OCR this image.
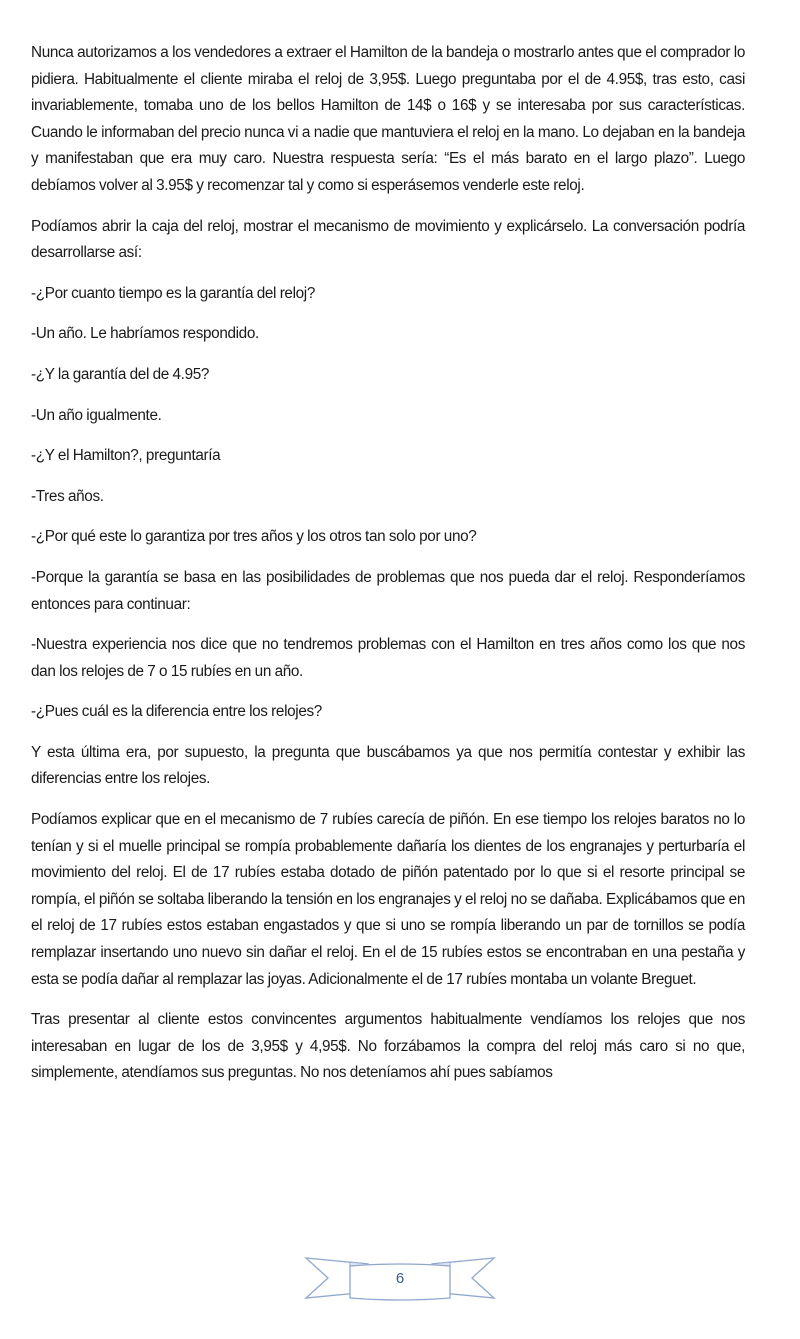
Nunca autorizamos a los vendedores a extraer el Hamilton de la bandeja o mostrarlo antes que el comprador lo pidiera. Habitualmente el cliente miraba el reloj de 3,95$. Luego preguntaba por el de 4.95$, tras esto, casi invariablemente, tomaba uno de los bellos Hamilton de 14$ o 16$ y se interesaba por sus características. Cuando le informaban del precio nunca vi a nadie que mantuviera el reloj en la mano. Lo dejaban en la bandeja y manifestaban que era muy caro. Nuestra respuesta sería: “Es el más barato en el largo plazo”. Luego debíamos volver al 3.95$ y recomenzar tal y como si esperásemos venderle este reloj.

Podíamos abrir la caja del reloj, mostrar el mecanismo de movimiento y explicárselo. La conversación podría desarrollarse así:

-¿Por cuanto tiempo es la garantía del reloj?

-Un año. Le habríamos respondido.

-¿Y la garantía del de 4.95?

-Un año igualmente.

-¿Y el Hamilton?, preguntaría

-Tres años.

-¿Por qué este lo garantiza por tres años y los otros tan solo por uno?

-Porque la garantía se basa en las posibilidades de problemas que nos pueda dar el reloj. Responderíamos entonces para continuar:

-Nuestra experiencia nos dice que no tendremos problemas con el Hamilton en tres años como los que nos dan los relojes de 7 o 15 rubíes en un año.

-¿Pues cuál es la diferencia entre los relojes?

Y esta última era, por supuesto, la pregunta que buscábamos ya que nos permitía contestar y exhibir las diferencias entre los relojes.

Podíamos explicar que en el mecanismo de 7 rubíes carecía de piñón. En ese tiempo los relojes baratos no lo tenían y si el muelle principal se rompía probablemente dañaría los dientes de los engranajes y perturbaría el movimiento del reloj. El de 17 rubíes estaba dotado de piñón patentado por lo que si el resorte principal se rompía, el piñón se soltaba liberando la tensión en los engranajes y el reloj no se dañaba. Explicábamos que en el reloj de 17 rubíes estos estaban engastados y que si uno se rompía liberando un par de tornillos se podía remplazar insertando uno nuevo sin dañar el reloj. En el de 15 rubíes estos se encontraban en una pestaña y esta se podía dañar al remplazar las joyas. Adicionalmente el de 17 rubíes montaba un volante Breguet.

Tras presentar al cliente estos convincentes argumentos habitualmente vendíamos los relojes que nos interesaban en lugar de los de 3,95$ y 4,95$. No forzábamos la compra del reloj más caro si no que, simplemente, atendíamos sus preguntas. No nos deteníamos ahí pues sabíamos

6
